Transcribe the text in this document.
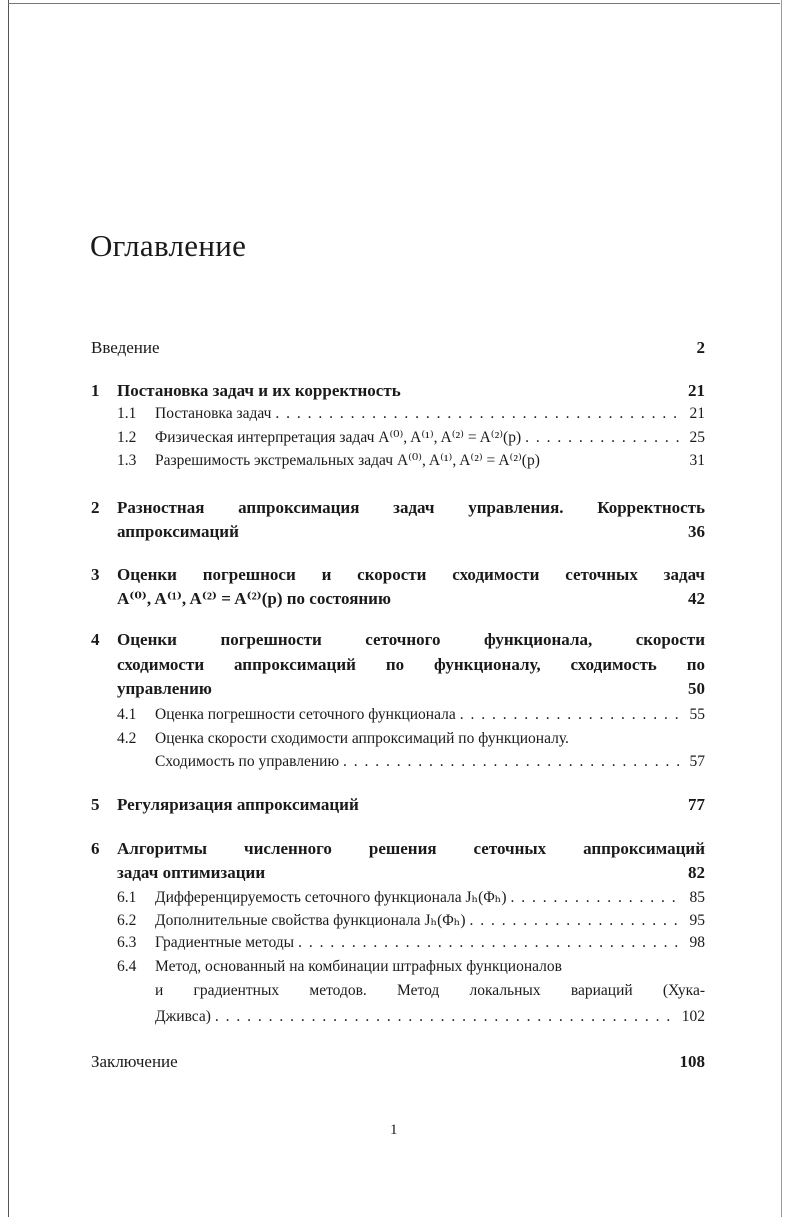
Оглавление
Введение	2
1	Постановка задач и их корректность	21
1.1	Постановка задач . . .	21
1.2	Физическая интерпретация задач A⁽⁰⁾, A⁽¹⁾, A⁽²⁾ = A⁽²⁾(p) . . .	25
1.3	Разрешимость экстремальных задач A⁽⁰⁾, A⁽¹⁾, A⁽²⁾ = A⁽²⁾(p)	31
2	Разностная аппроксимация задач управления. Корректность
аппроксимаций	36
3	Оценки погрешноси и скорости сходимости сеточных задач
A⁽⁰⁾, A⁽¹⁾, A⁽²⁾ = A⁽²⁾(p) по состоянию	42
4	Оценки погрешности сеточного функционала, скорости
сходимости аппроксимаций по функционалу, сходимость по
управлению	50
4.1	Оценка погрешности сеточного функционала . . .	55
4.2	Оценка скорости сходимости аппроксимаций по функционалу.
Сходимость по управлению . . .	57
5	Регуляризация аппроксимаций	77
6	Алгоритмы численного решения сеточных аппроксимаций
задач оптимизации	82
6.1	Дифференцируемость сеточного функционала Jₕ(Φₕ) . . .	85
6.2	Дополнительные свойства функционала Jₕ(Φₕ) . . .	95
6.3	Градиентные методы . . .	98
6.4	Метод, основанный на комбинации штрафных функционалов
и градиентных методов. Метод локальных вариаций (Хука-
Дживса) . . .	102
Заключение	108
1
